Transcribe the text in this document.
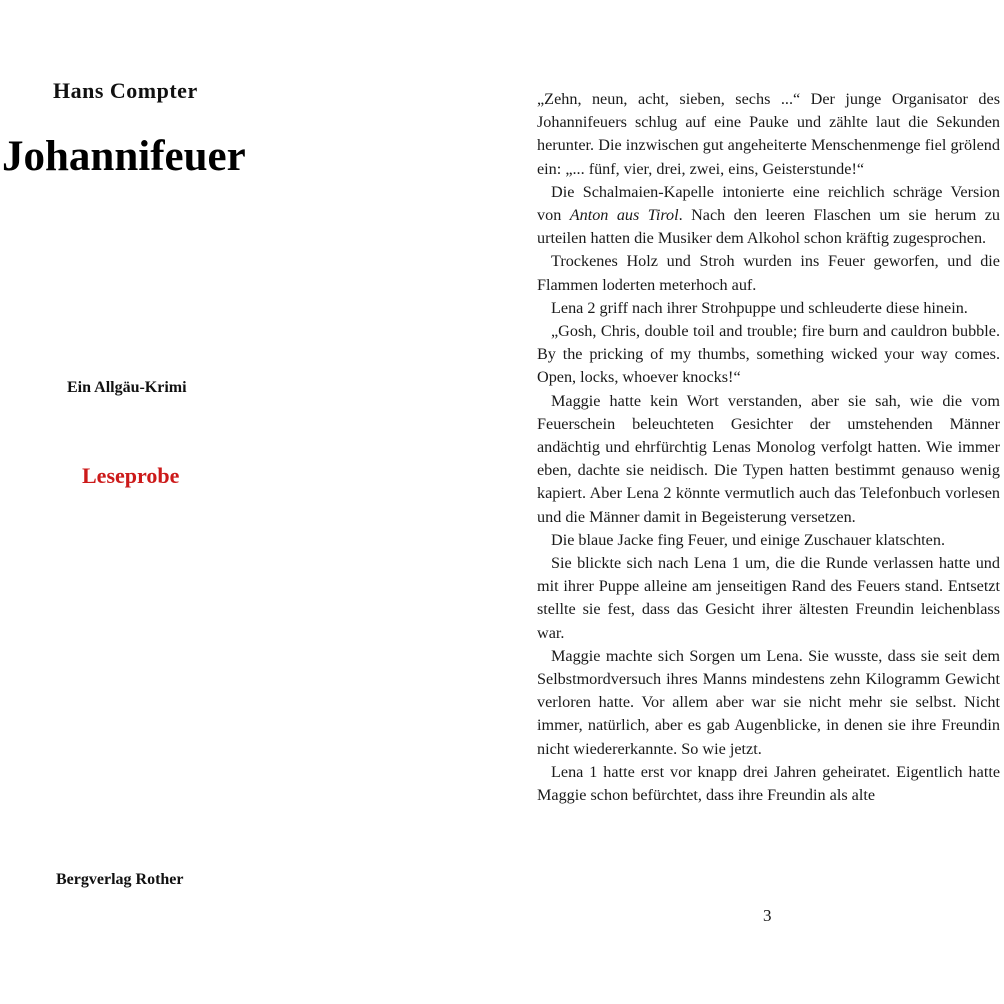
Hans Compter
Johannifeuer
Ein Allgäu-Krimi
Leseprobe
Bergverlag Rother

„Zehn, neun, acht, sieben, sechs ...“ Der junge Organisator des Johannifeuers schlug auf eine Pauke und zählte laut die Sekunden herunter. Die inzwischen gut angeheiterte Menschenmenge fiel grölend ein: „... fünf, vier, drei, zwei, eins, Geisterstunde!“

Die Schalmaien-Kapelle intonierte eine reichlich schräge Version von Anton aus Tirol. Nach den leeren Flaschen um sie herum zu urteilen hatten die Musiker dem Alkohol schon kräftig zugesprochen.

Trockenes Holz und Stroh wurden ins Feuer geworfen, und die Flammen loderten meterhoch auf.

Lena 2 griff nach ihrer Strohpuppe und schleuderte diese hinein.

„Gosh, Chris, double toil and trouble; fire burn and cauldron bubble. By the pricking of my thumbs, something wicked your way comes. Open, locks, whoever knocks!“

Maggie hatte kein Wort verstanden, aber sie sah, wie die vom Feuerschein beleuchteten Gesichter der umstehenden Männer andächtig und ehrfürchtig Lenas Monolog verfolgt hatten. Wie immer eben, dachte sie neidisch. Die Typen hatten bestimmt genauso wenig kapiert. Aber Lena 2 könnte vermutlich auch das Telefonbuch vorlesen und die Männer damit in Begeisterung versetzen.

Die blaue Jacke fing Feuer, und einige Zuschauer klatschten.

Sie blickte sich nach Lena 1 um, die die Runde verlassen hatte und mit ihrer Puppe alleine am jenseitigen Rand des Feuers stand. Entsetzt stellte sie fest, dass das Gesicht ihrer ältesten Freundin leichenblass war.

Maggie machte sich Sorgen um Lena. Sie wusste, dass sie seit dem Selbstmordversuch ihres Manns mindestens zehn Kilogramm Gewicht verloren hatte. Vor allem aber war sie nicht mehr sie selbst. Nicht immer, natürlich, aber es gab Augenblicke, in denen sie ihre Freundin nicht wiedererkannte. So wie jetzt.

Lena 1 hatte erst vor knapp drei Jahren geheiratet. Eigentlich hatte Maggie schon befürchtet, dass ihre Freundin als alte

3
